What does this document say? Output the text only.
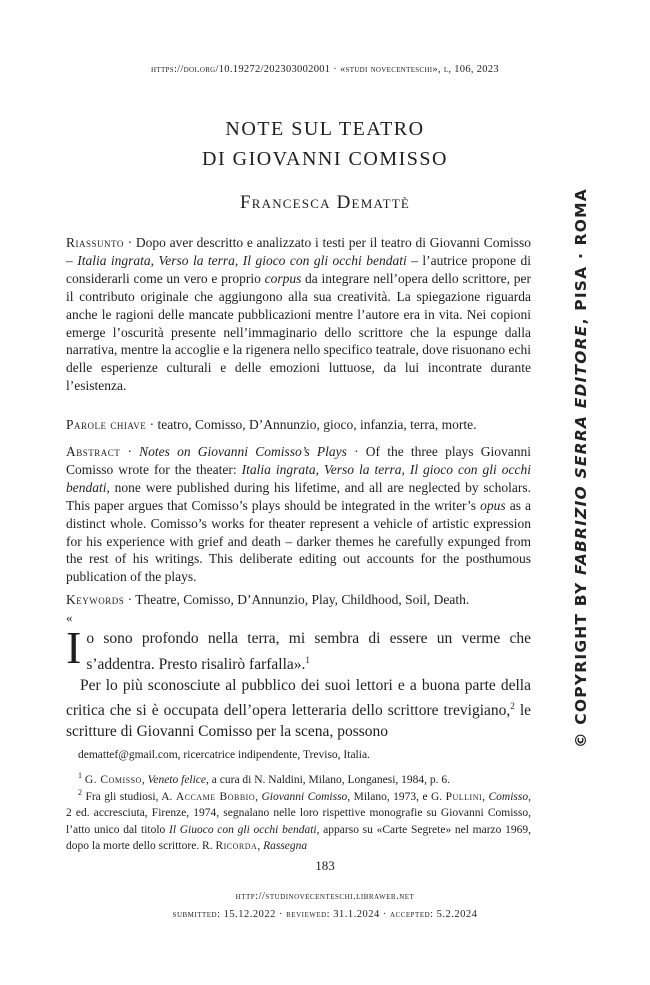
https://doi.org/10.19272/202303002001 · «studi novecenteschi», l, 106, 2023
NOTE SUL TEATRO
DI GIOVANNI COMISSO
Francesca Demattè
Riassunto · Dopo aver descritto e analizzato i testi per il teatro di Giovanni Comisso – Italia ingrata, Verso la terra, Il gioco con gli occhi bendati – l’autrice propone di considerarli come un vero e proprio corpus da integrare nell’opera dello scrittore, per il contributo originale che aggiungono alla sua creatività. La spiegazione riguarda anche le ragioni delle mancate pubblicazioni mentre l’autore era in vita. Nei copioni emerge l’oscurità presente nell’immaginario dello scrittore che la espunge dalla narrativa, mentre la accoglie e la rigenera nello specifico teatrale, dove risuonano echi delle esperienze culturali e delle emozioni luttuose, da lui incontrate durante l’esistenza.
Parole chiave · teatro, Comisso, D’Annunzio, gioco, infanzia, terra, morte.
Abstract · Notes on Giovanni Comisso’s Plays · Of the three plays Giovanni Comisso wrote for the theater: Italia ingrata, Verso la terra, Il gioco con gli occhi bendati, none were published during his lifetime, and all are neglected by scholars. This paper argues that Comisso’s plays should be integrated in the writer’s opus as a distinct whole. Comisso’s works for theater represent a vehicle of artistic expression for his experience with grief and death – darker themes he carefully expunged from the rest of his writings. This deliberate editing out accounts for the posthumous publication of the plays.
Keywords · Theatre, Comisso, D’Annunzio, Play, Childhood, Soil, Death.
«
Io sono profondo nella terra, mi sembra di essere un verme che s’addentra. Presto risalirò farfalla».$^1$
Per lo più sconosciute al pubblico dei suoi lettori e a buona parte della critica che si è occupata dell’opera letteraria dello scrittore trevigiano,$^2$ le scritture di Giovanni Comisso per la scena, possono
demattef@gmail.com, ricercatrice indipendente, Treviso, Italia.
$^1$ G. Comisso, Veneto felice, a cura di N. Naldini, Milano, Longanesi, 1984, p. 6.
$^2$ Fra gli studiosi, A. Accame Bobbio, Giovanni Comisso, Milano, 1973, e G. Pullini, Comisso, 2 ed. accresciuta, Firenze, 1974, segnalano nelle loro rispettive monografie su Giovanni Comisso, l’atto unico dal titolo Il Giuoco con gli occhi bendati, apparso su «Carte Segrete» nel marzo 1969, dopo la morte dello scrittore. R. Ricorda, Rassegna
© COPYRIGHT BY FABRIZIO SERRA EDITORE, PISA · ROMA
183
http://studinovecenteschi.libraweb.net
submitted: 15.12.2022 · reviewed: 31.1.2024 · accepted: 5.2.2024
